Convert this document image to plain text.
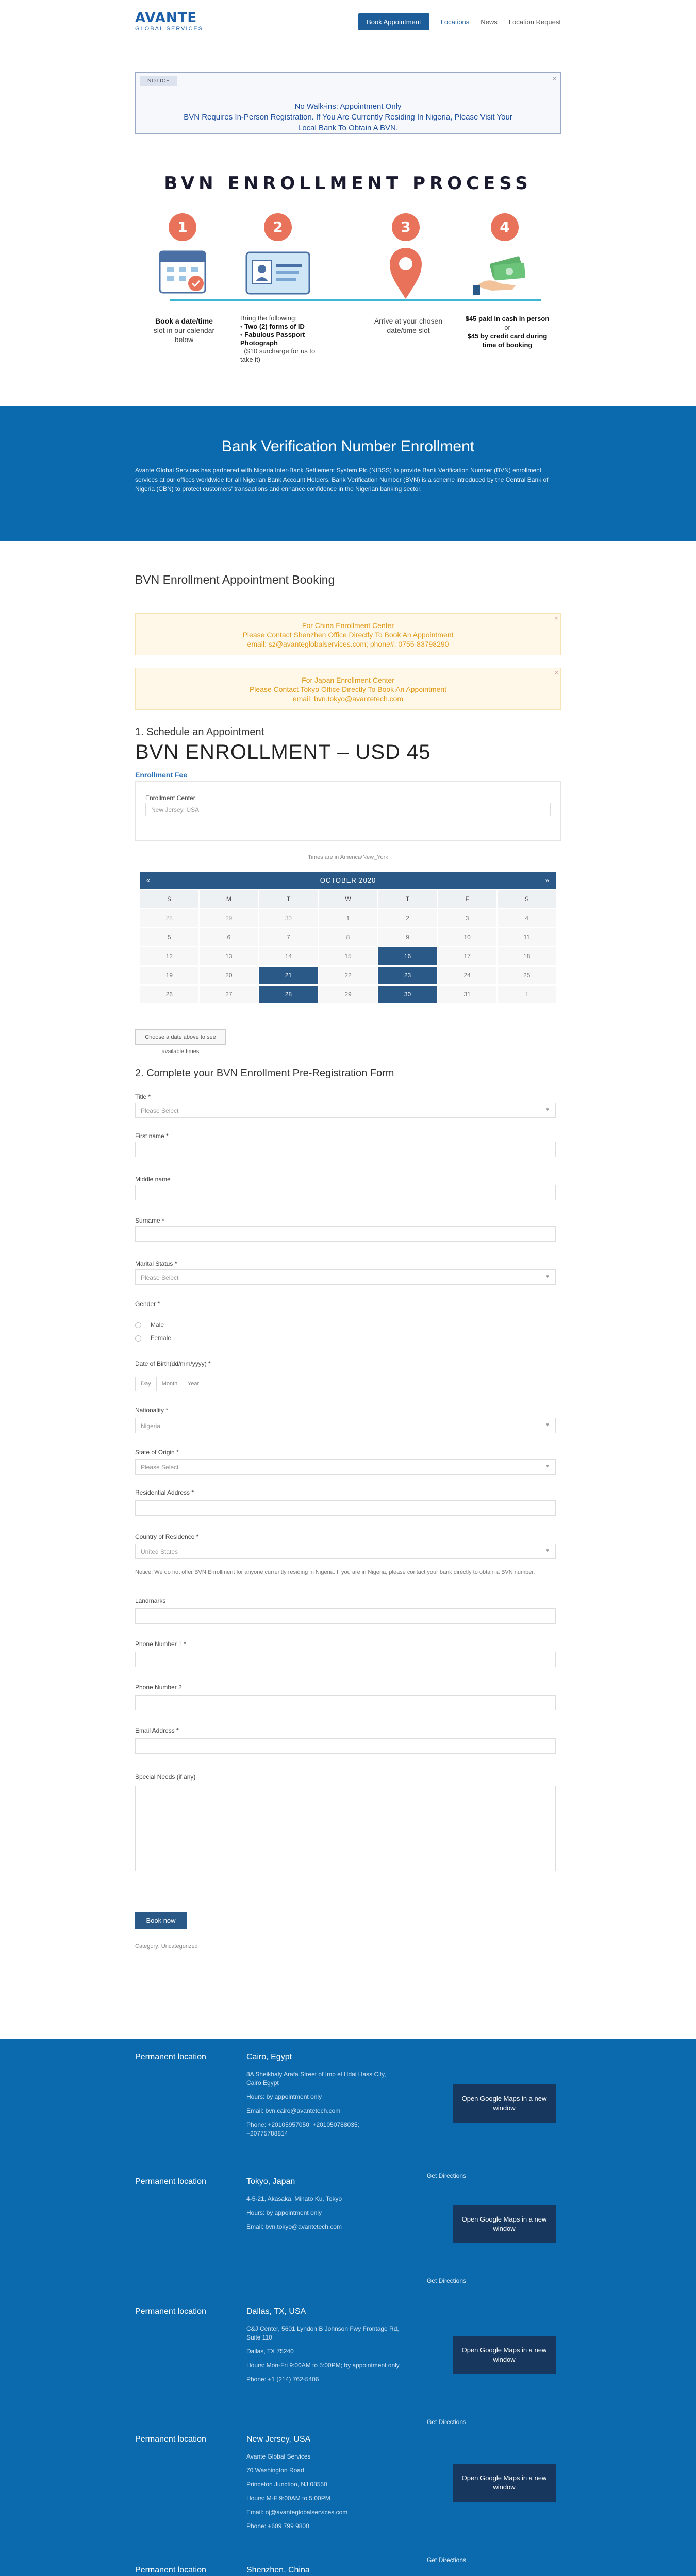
AVANTE
GLOBAL SERVICES
Book Appointment	Locations News Location Request
NOTICE	×
No Walk-ins: Appointment Only
BVN Requires In-Person Registration. If You Are Currently Residing In Nigeria, Please Visit Your Local Bank To Obtain A BVN.
BVN ENROLLMENT PROCESS
1
Book a date/time
slot in our calendar below
2
Bring the following:
• Two (2) forms of ID
• Fabulous Passport Photograph
($10 surcharge for us to take it)
3
Arrive at your chosen date/time slot
4
$45 paid in cash in person
or
$45 by credit card during time of booking
Bank Verification Number Enrollment
Avante Global Services has partnered with Nigeria Inter-Bank Settlement System Plc (NIBSS) to provide Bank Verification Number (BVN) enrollment services at our offices worldwide for all Nigerian Bank Account Holders. Bank Verification Number (BVN) is a scheme introduced by the Central Bank of Nigeria (CBN) to protect customers' transactions and enhance confidence in the Nigerian banking sector.
BVN Enrollment Appointment Booking
×
For China Enrollment Center
Please Contact Shenzhen Office Directly To Book An Appointment
email: sz@avanteglobalservices.com; phone#: 0755-83798290
×
For Japan Enrollment Center
Please Contact Tokyo Office Directly To Book An Appointment
email: bvn.tokyo@avantetech.com
1. Schedule an Appointment
BVN ENROLLMENT – USD 45
Enrollment Fee
Enrollment Center
New Jersey, USA
Times are in America/New_York
«	OCTOBER 2020	»
S	M	T	W	T	F	S
28	29	30	1	2	3	4
5	6	7	8	9	10	11
12	13	14	15	16	17	18
19	20	21	22	23	24	25
26	27	28	29	30	31	1
Choose a date above to see available times
2. Complete your BVN Enrollment Pre-Registration Form
Title *
Please Select	▼
First name *
Middle name
Surname *
Marital Status *
Please Select	▼
Gender *
Male
Female
Date of Birth(dd/mm/yyyy) *
Day	Month	Year
Nationality *
Nigeria	▼
State of Origin *
Please Select	▼
Residential Address *
Country of Residence *
United States	▼
Notice: We do not offer BVN Enrollment for anyone currently residing in Nigeria. If you are in Nigeria, please contact your bank directly to obtain a BVN number.
Landmarks
Phone Number 1 *
Phone Number 2
Email Address *
Special Needs (if any)
Book now
Category: Uncategorized
Permanent location	Cairo, Egypt

8A Sheikhaly Arafa Street of Imp el Hdai Hass City, Cairo Egypt

Hours: by appointment only

Email: bvn.cairo@avantetech.com

Phone: +20105957050; +201050788035; +20775788814

Open Google Maps in a new window
Get Directions
Permanent location	Tokyo, Japan

4-5-21, Akasaka, Minato Ku, Tokyo

Hours: by appointment only

Email: bvn.tokyo@avantetech.com

Open Google Maps in a new window
Get Directions
Permanent location	Dallas, TX, USA

C&J Center, 5601 Lyndon B Johnson Fwy Frontage Rd, Suite 110

Dallas, TX 75240

Hours: Mon-Fri 9:00AM to 5:00PM; by appointment only

Phone: +1 (214) 762-5406

Open Google Maps in a new window
Get Directions
Permanent location	New Jersey, USA

Avante Global Services

70 Washington Road

Princeton Junction, NJ 08550

Hours: M-F 9:00AM to 5:00PM

Email: nj@avanteglobalservices.com

Phone: +609 799 9800

Open Google Maps in a new window
Get Directions
Permanent location	Shenzhen, China
